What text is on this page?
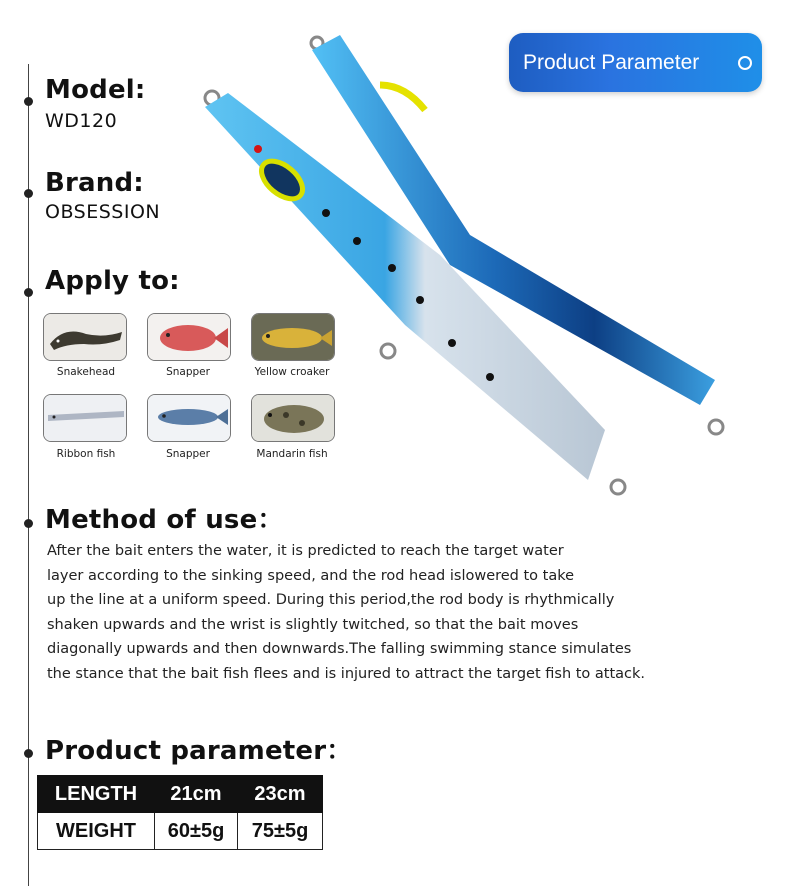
Product Parameter
Model:
WD120
Brand:
OBSESSION
Apply to:
Snakehead	Snapper	Yellow croaker
Ribbon fish	Snapper	Mandarin fish
Method of use：
After the bait enters the water, it is predicted to reach the target water
layer according to the sinking speed, and the rod head islowered to take
up the line at a uniform speed. During this period,the rod body is rhythmically
shaken upwards and the wrist is slightly twitched, so that the bait moves
diagonally upwards and then downwards.The falling swimming stance simulates
the stance that the bait fish flees and is injured to attract the target fish to attack.
Product parameter：
LENGTH	21cm	23cm
WEIGHT	60±5g	75±5g
